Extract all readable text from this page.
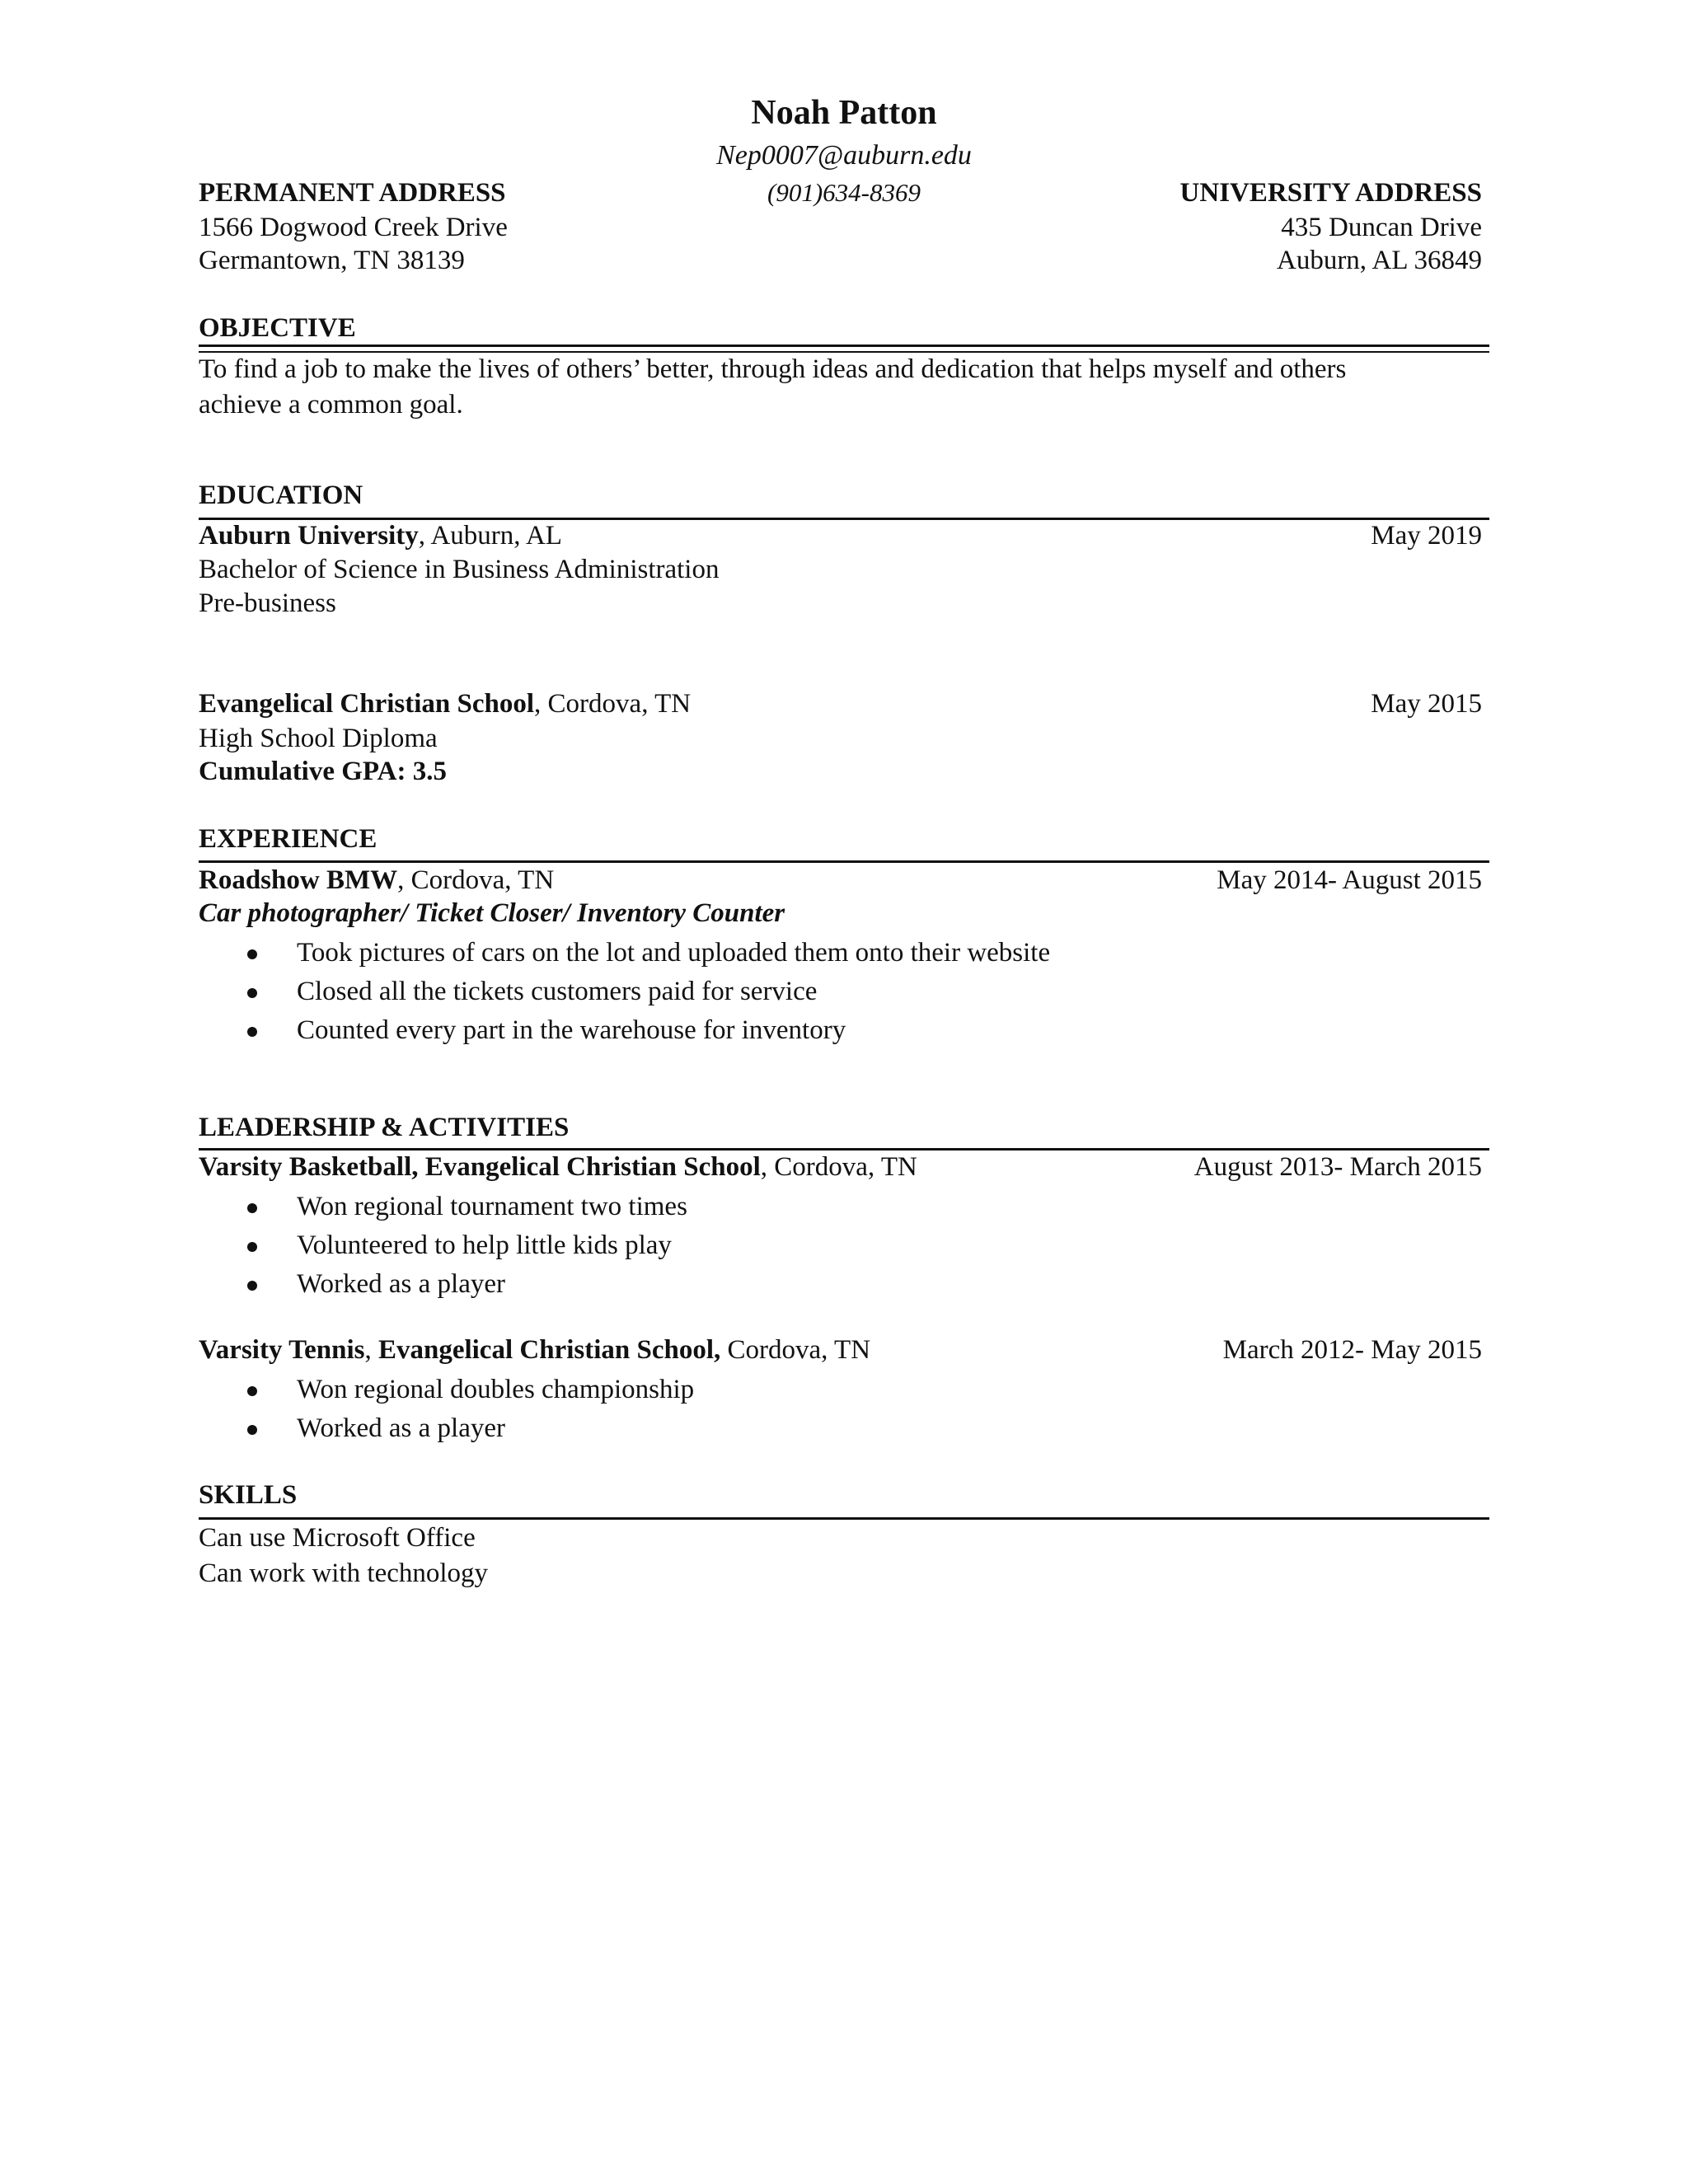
Noah Patton
Nep0007@auburn.edu
(901)634-8369
PERMANENT ADDRESS
1566 Dogwood Creek Drive
Germantown, TN 38139
UNIVERSITY ADDRESS
435 Duncan Drive
Auburn, AL 36849
OBJECTIVE
To find a job to make the lives of others’ better, through ideas and dedication that helps myself and others
achieve a common goal.
EDUCATION
Auburn University, Auburn, AL	May 2019
Bachelor of Science in Business Administration
Pre-business
Evangelical Christian School, Cordova, TN	May 2015
High School Diploma
Cumulative GPA: 3.5
EXPERIENCE
Roadshow BMW, Cordova, TN	May 2014- August 2015
Car photographer/ Ticket Closer/ Inventory Counter
Took pictures of cars on the lot and uploaded them onto their website
Closed all the tickets customers paid for service
Counted every part in the warehouse for inventory
LEADERSHIP & ACTIVITIES
Varsity Basketball, Evangelical Christian School, Cordova, TN	August 2013- March 2015
Won regional tournament two times
Volunteered to help little kids play
Worked as a player
Varsity Tennis, Evangelical Christian School, Cordova, TN	March 2012- May 2015
Won regional doubles championship
Worked as a player
SKILLS
Can use Microsoft Office
Can work with technology
